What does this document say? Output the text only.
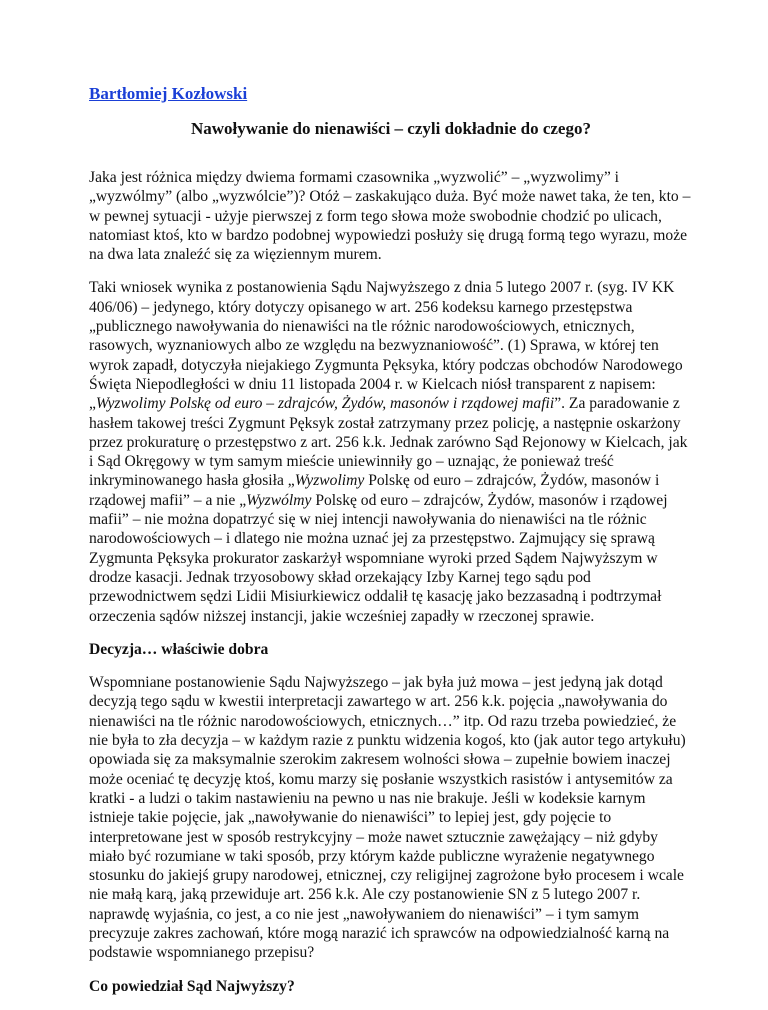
Bartłomiej Kozłowski
Nawoływanie do nienawiści – czyli dokładnie do czego?

Jaka jest różnica między dwiema formami czasownika „wyzwolić” – „wyzwolimy” i „wyzwólmy” (albo „wyzwólcie”)? Otóż – zaskakująco duża. Być może nawet taka, że ten, kto – w pewnej sytuacji - użyje pierwszej z form tego słowa może swobodnie chodzić po ulicach, natomiast ktoś, kto w bardzo podobnej wypowiedzi posłuży się drugą formą tego wyrazu, może na dwa lata znaleźć się za więziennym murem.

Taki wniosek wynika z postanowienia Sądu Najwyższego z dnia 5 lutego 2007 r. (syg. IV KK 406/06) – jedynego, który dotyczy opisanego w art. 256 kodeksu karnego przestępstwa „publicznego nawoływania do nienawiści na tle różnic narodowościowych, etnicznych, rasowych, wyznaniowych albo ze względu na bezwyznaniowość”. (1) Sprawa, w której ten wyrok zapadł, dotyczyła niejakiego Zygmunta Pęksyka, który podczas obchodów Narodowego Święta Niepodległości w dniu 11 listopada 2004 r. w Kielcach niósł transparent z napisem: „Wyzwolimy Polskę od euro – zdrajców, Żydów, masonów i rządowej mafii”. Za paradowanie z hasłem takowej treści Zygmunt Pęksyk został zatrzymany przez policję, a następnie oskarżony przez prokuraturę o przestępstwo z art. 256 k.k. Jednak zarówno Sąd Rejonowy w Kielcach, jak i Sąd Okręgowy w tym samym mieście uniewinniły go – uznając, że ponieważ treść inkryminowanego hasła głosiła „Wyzwolimy Polskę od euro – zdrajców, Żydów, masonów i rządowej mafii” – a nie „Wyzwólmy Polskę od euro – zdrajców, Żydów, masonów i rządowej mafii” – nie można dopatrzyć się w niej intencji nawoływania do nienawiści na tle różnic narodowościowych – i dlatego nie można uznać jej za przestępstwo. Zajmujący się sprawą Zygmunta Pęksyka prokurator zaskarżył wspomniane wyroki przed Sądem Najwyższym w drodze kasacji. Jednak trzyosobowy skład orzekający Izby Karnej tego sądu pod przewodnictwem sędzi Lidii Misiurkiewicz oddalił tę kasację jako bezzasadną i podtrzymał orzeczenia sądów niższej instancji, jakie wcześniej zapadły w rzeczonej sprawie.

Decyzja… właściwie dobra

Wspomniane postanowienie Sądu Najwyższego – jak była już mowa – jest jedyną jak dotąd decyzją tego sądu w kwestii interpretacji zawartego w art. 256 k.k. pojęcia „nawoływania do nienawiści na tle różnic narodowościowych, etnicznych…” itp. Od razu trzeba powiedzieć, że nie była to zła decyzja – w każdym razie z punktu widzenia kogoś, kto (jak autor tego artykułu) opowiada się za maksymalnie szerokim zakresem wolności słowa – zupełnie bowiem inaczej może oceniać tę decyzję ktoś, komu marzy się posłanie wszystkich rasistów i antysemitów za kratki - a ludzi o takim nastawieniu na pewno u nas nie brakuje. Jeśli w kodeksie karnym istnieje takie pojęcie, jak „nawoływanie do nienawiści” to lepiej jest, gdy pojęcie to interpretowane jest w sposób restrykcyjny – może nawet sztucznie zawężający – niż gdyby miało być rozumiane w taki sposób, przy którym każde publiczne wyrażenie negatywnego stosunku do jakiejś grupy narodowej, etnicznej, czy religijnej zagrożone było procesem i wcale nie małą karą, jaką przewiduje art. 256 k.k. Ale czy postanowienie SN z 5 lutego 2007 r. naprawdę wyjaśnia, co jest, a co nie jest „nawoływaniem do nienawiści” – i tym samym precyzuje zakres zachowań, które mogą narazić ich sprawców na odpowiedzialność karną na podstawie wspomnianego przepisu?

Co powiedział Sąd Najwyższy?
